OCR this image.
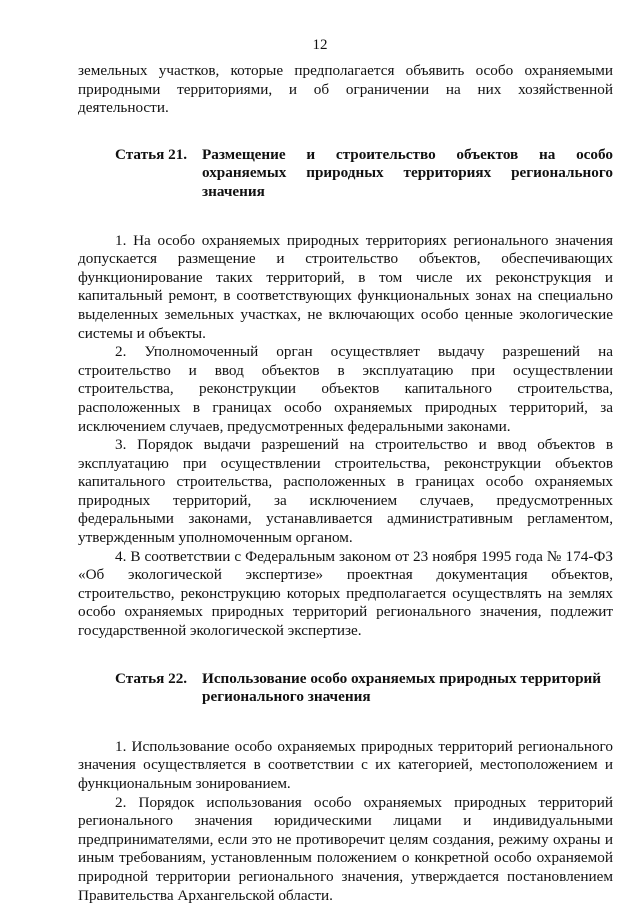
12

земельных участков, которые предполагается объявить особо охраняемыми природными территориями, и об ограничении на них хозяйственной деятельности.

Статья 21. Размещение и строительство объектов на особо охраняемых природных территориях регионального значения

1. На особо охраняемых природных территориях регионального значения допускается размещение и строительство объектов, обеспечивающих функционирование таких территорий, в том числе их реконструкция и капитальный ремонт, в соответствующих функциональных зонах на специально выделенных земельных участках, не включающих особо ценные экологические системы и объекты.

2. Уполномоченный орган осуществляет выдачу разрешений на строительство и ввод объектов в эксплуатацию при осуществлении строительства, реконструкции объектов капитального строительства, расположенных в границах особо охраняемых природных территорий, за исключением случаев, предусмотренных федеральными законами.

3. Порядок выдачи разрешений на строительство и ввод объектов в эксплуатацию при осуществлении строительства, реконструкции объектов капитального строительства, расположенных в границах особо охраняемых природных территорий, за исключением случаев, предусмотренных федеральными законами, устанавливается административным регламентом, утвержденным уполномоченным органом.

4. В соответствии с Федеральным законом от 23 ноября 1995 года № 174-ФЗ «Об экологической экспертизе» проектная документация объектов, строительство, реконструкцию которых предполагается осуществлять на землях особо охраняемых природных территорий регионального значения, подлежит государственной экологической экспертизе.

Статья 22. Использование особо охраняемых природных территорий регионального значения

1. Использование особо охраняемых природных территорий регионального значения осуществляется в соответствии с их категорией, местоположением и функциональным зонированием.

2. Порядок использования особо охраняемых природных территорий регионального значения юридическими лицами и индивидуальными предпринимателями, если это не противоречит целям создания, режиму охраны и иным требованиям, установленным положением о конкретной особо охраняемой природной территории регионального значения, утверждается постановлением Правительства Архангельской области.
